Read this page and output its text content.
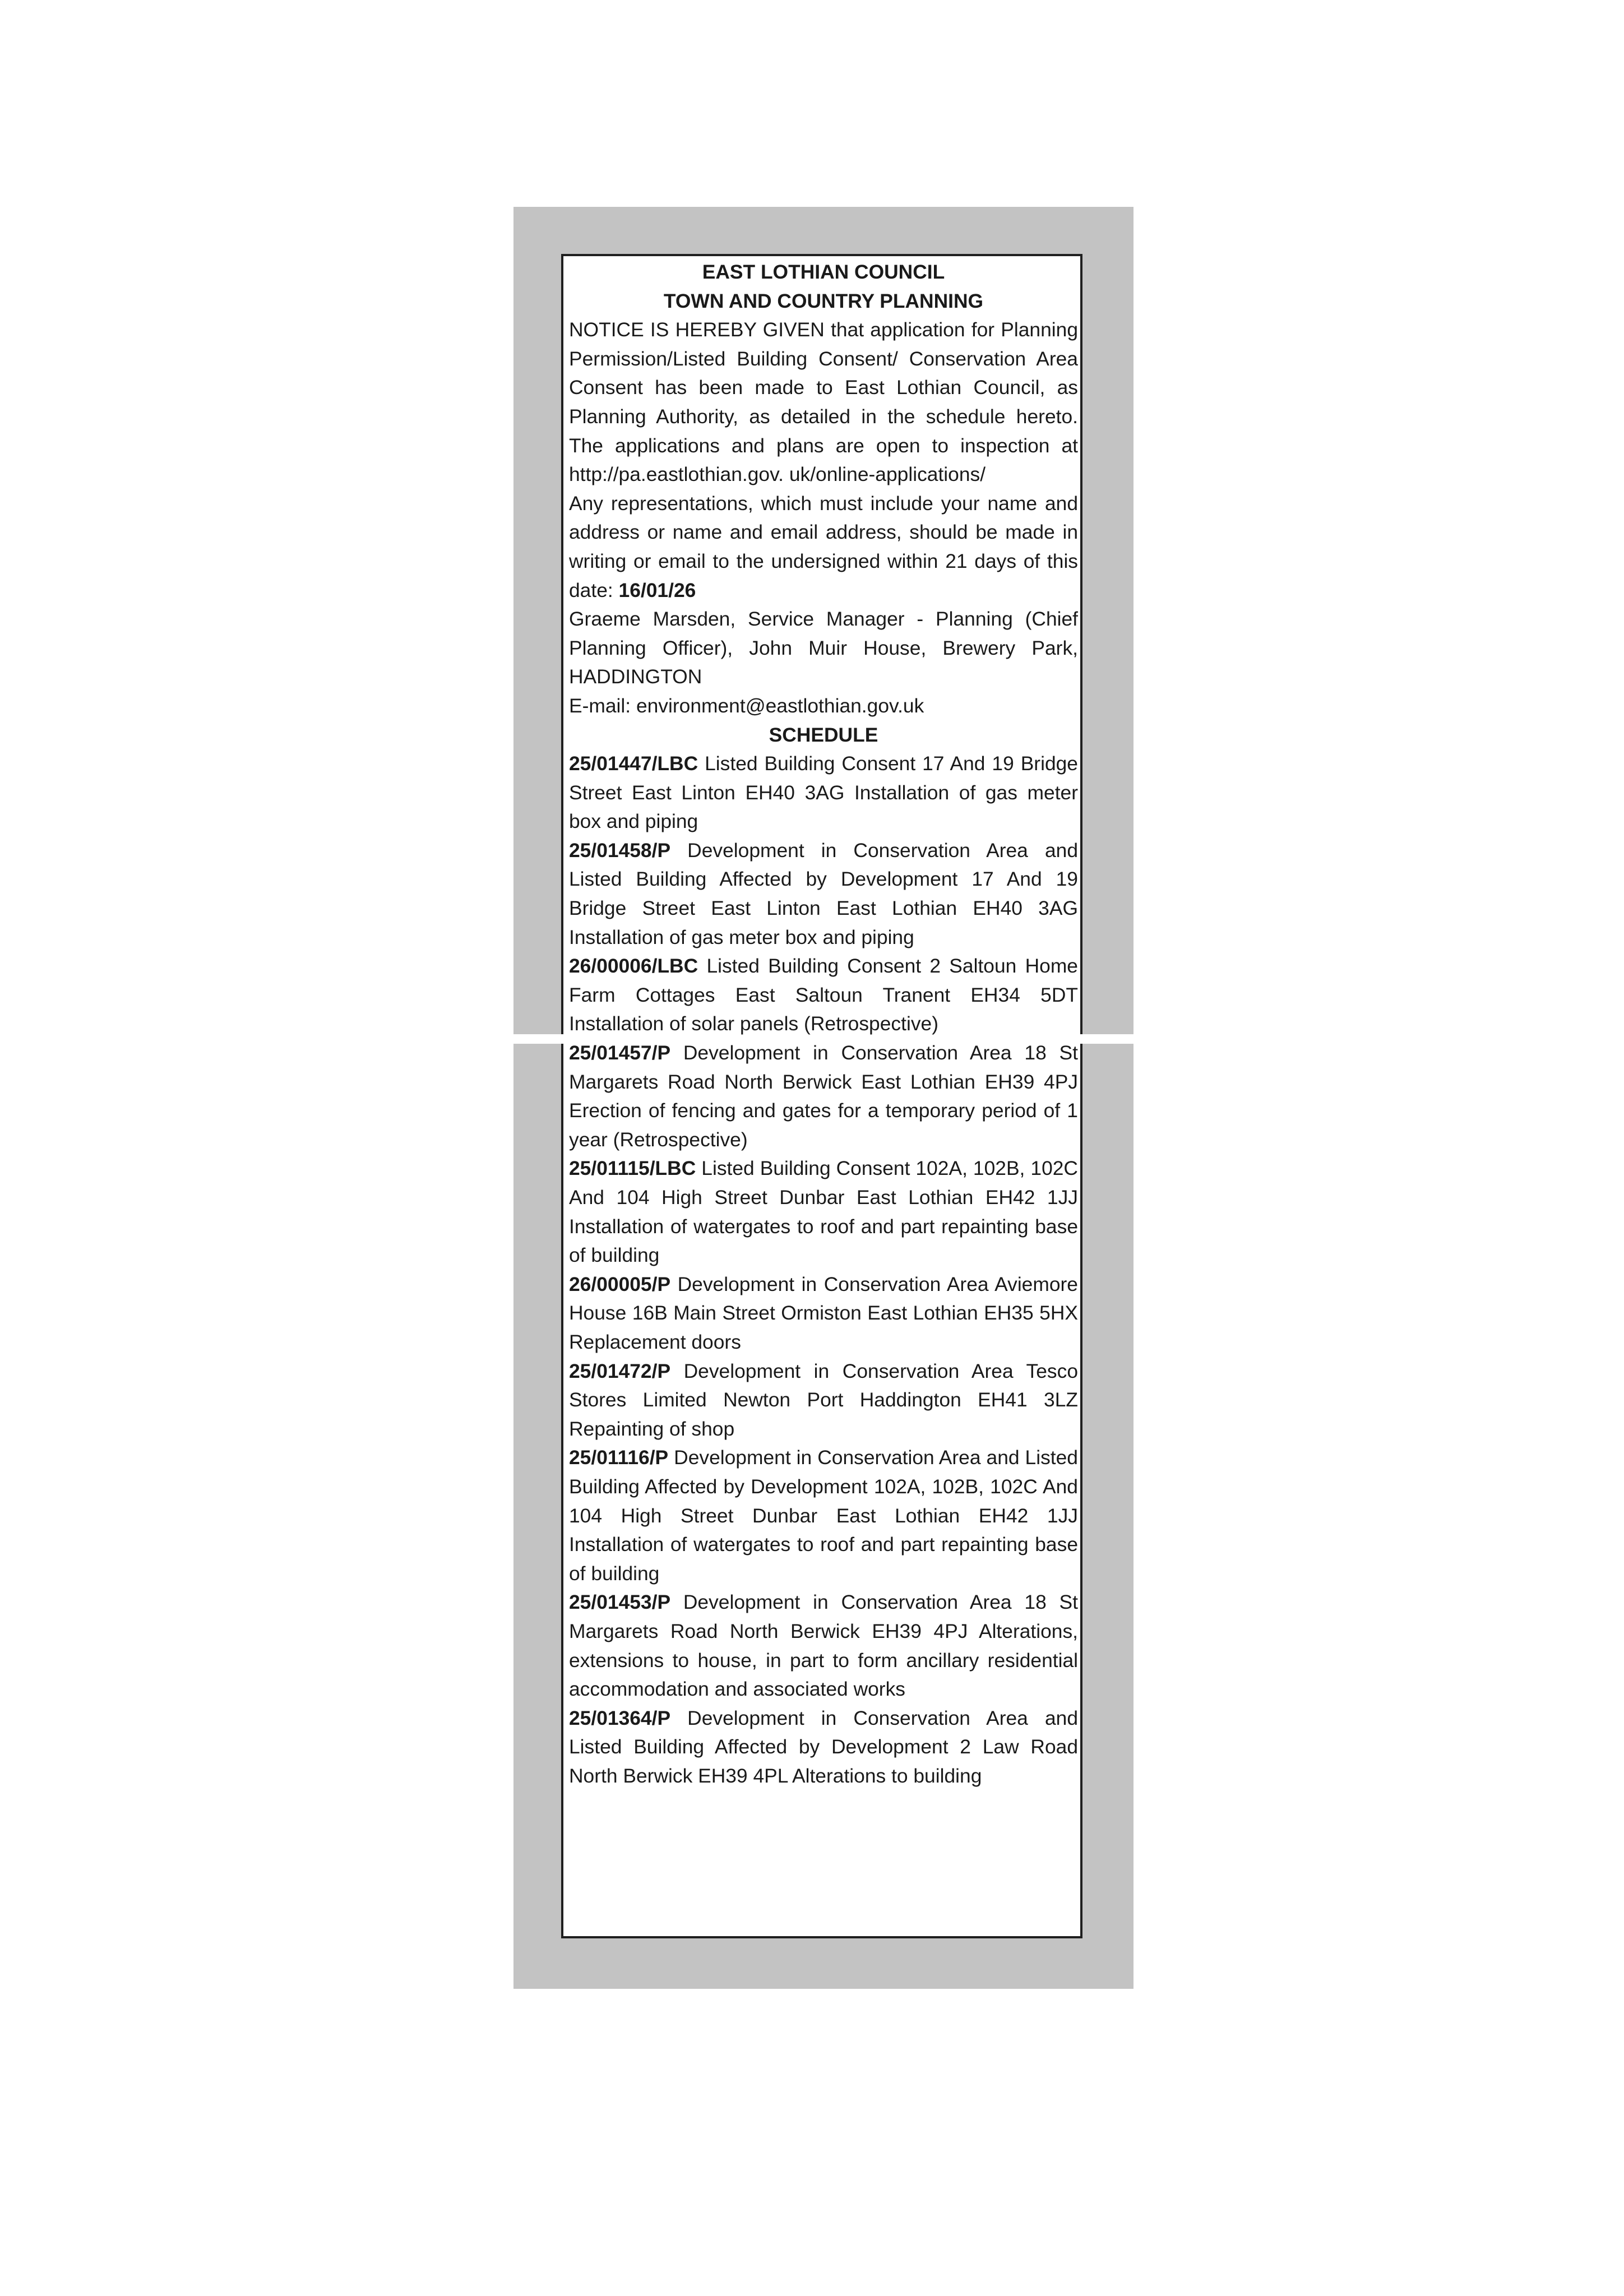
EAST LOTHIAN COUNCIL

TOWN AND COUNTRY PLANNING

NOTICE IS HEREBY GIVEN that application for Planning Permission/Listed Building Consent/ Conservation Area Consent has been made to East Lothian Council, as Planning Authority, as detailed in the schedule hereto. The applications and plans are open to inspection at http://pa.eastlothian.gov. uk/online-applications/

Any representations, which must include your name and address or name and email address, should be made in writing or email to the undersigned within 21 days of this date: 16/01/26

Graeme Marsden, Service Manager - Planning (Chief Planning Officer), John Muir House, Brewery Park, HADDINGTON

E-mail: environment@eastlothian.gov.uk

SCHEDULE

25/01447/LBC Listed Building Consent 17 And 19 Bridge Street East Linton EH40 3AG Installation of gas meter box and piping

25/01458/P Development in Conservation Area and Listed Building Affected by Development 17 And 19 Bridge Street East Linton East Lothian EH40 3AG Installation of gas meter box and piping

26/00006/LBC Listed Building Consent 2 Saltoun Home Farm Cottages East Saltoun Tranent EH34 5DT Installation of solar panels (Retrospective)

25/01457/P Development in Conservation Area 18 St Margarets Road North Berwick East Lothian EH39 4PJ Erection of fencing and gates for a temporary period of 1 year (Retrospective)

25/01115/LBC Listed Building Consent 102A, 102B, 102C And 104 High Street Dunbar East Lothian EH42 1JJ Installation of watergates to roof and part repainting base of building

26/00005/P Development in Conservation Area Aviemore House 16B Main Street Ormiston East Lothian EH35 5HX Replacement doors

25/01472/P Development in Conservation Area Tesco Stores Limited Newton Port Haddington EH41 3LZ Repainting of shop

25/01116/P Development in Conservation Area and Listed Building Affected by Development 102A, 102B, 102C And 104 High Street Dunbar East Lothian EH42 1JJ Installation of watergates to roof and part repainting base of building

25/01453/P Development in Conservation Area 18 St Margarets Road North Berwick EH39 4PJ Alterations, extensions to house, in part to form ancillary residential accommodation and associated works

25/01364/P Development in Conservation Area and Listed Building Affected by Development 2 Law Road North Berwick EH39 4PL Alterations to building
